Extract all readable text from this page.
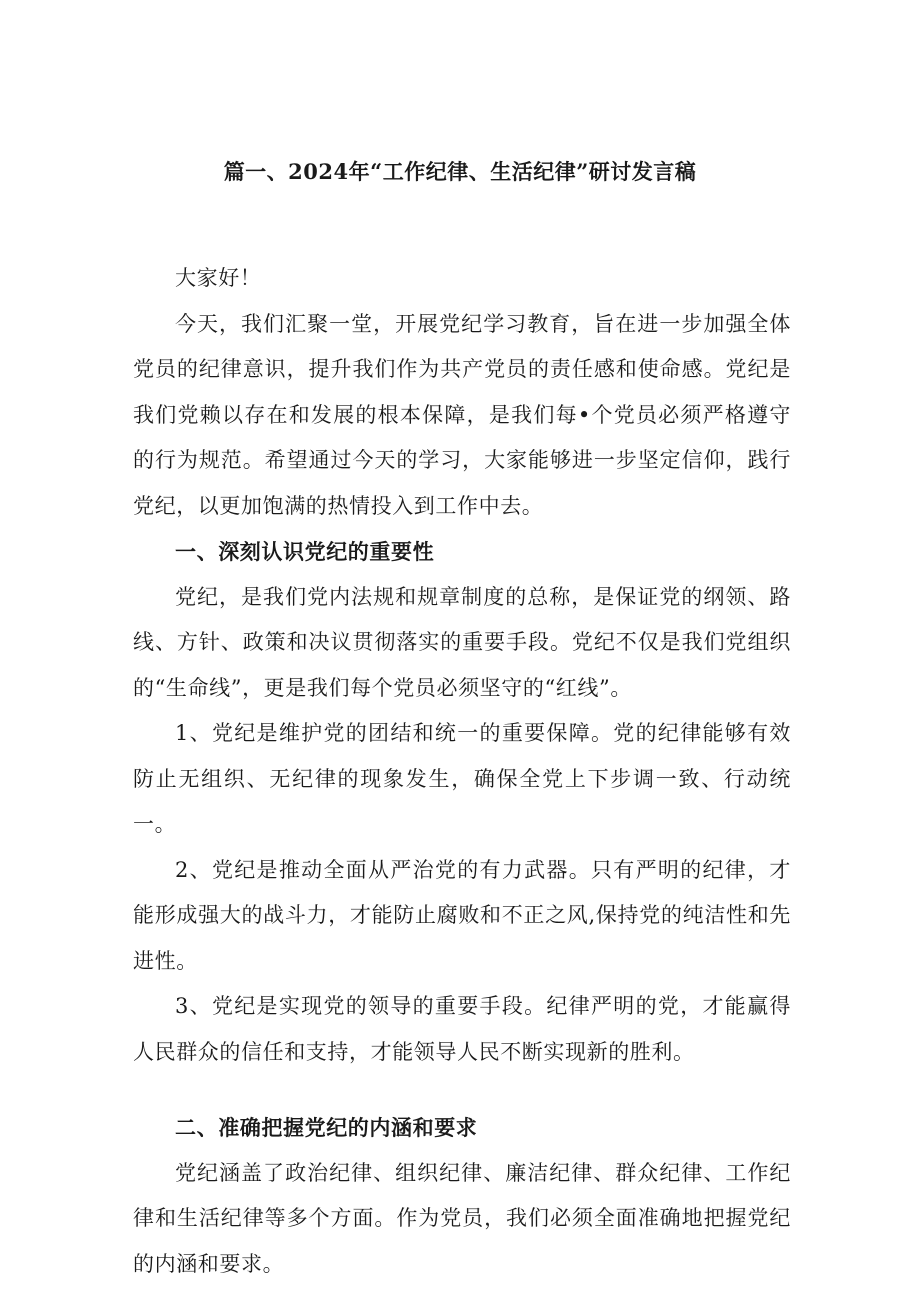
篇一、2024年“工作纪律、生活纪律”研讨发言稿

大家好！

今天，我们汇聚一堂，开展党纪学习教育，旨在进一步加强全体党员的纪律意识，提升我们作为共产党员的责任感和使命感。党纪是我们党赖以存在和发展的根本保障，是我们每•个党员必须严格遵守的行为规范。希望通过今天的学习，大家能够进一步坚定信仰，践行党纪，以更加饱满的热情投入到工作中去。

一、深刻认识党纪的重要性

党纪，是我们党内法规和规章制度的总称，是保证党的纲领、路线、方针、政策和决议贯彻落实的重要手段。党纪不仅是我们党组织的“生命线”，更是我们每个党员必须坚守的“红线”。

1、党纪是维护党的团结和统一的重要保障。党的纪律能够有效防止无组织、无纪律的现象发生，确保全党上下步调一致、行动统一。

2、党纪是推动全面从严治党的有力武器。只有严明的纪律，才能形成强大的战斗力，才能防止腐败和不正之风,保持党的纯洁性和先进性。

3、党纪是实现党的领导的重要手段。纪律严明的党，才能赢得人民群众的信任和支持，才能领导人民不断实现新的胜利。

二、准确把握党纪的内涵和要求

党纪涵盖了政治纪律、组织纪律、廉洁纪律、群众纪律、工作纪律和生活纪律等多个方面。作为党员，我们必须全面准确地把握党纪的内涵和要求。
